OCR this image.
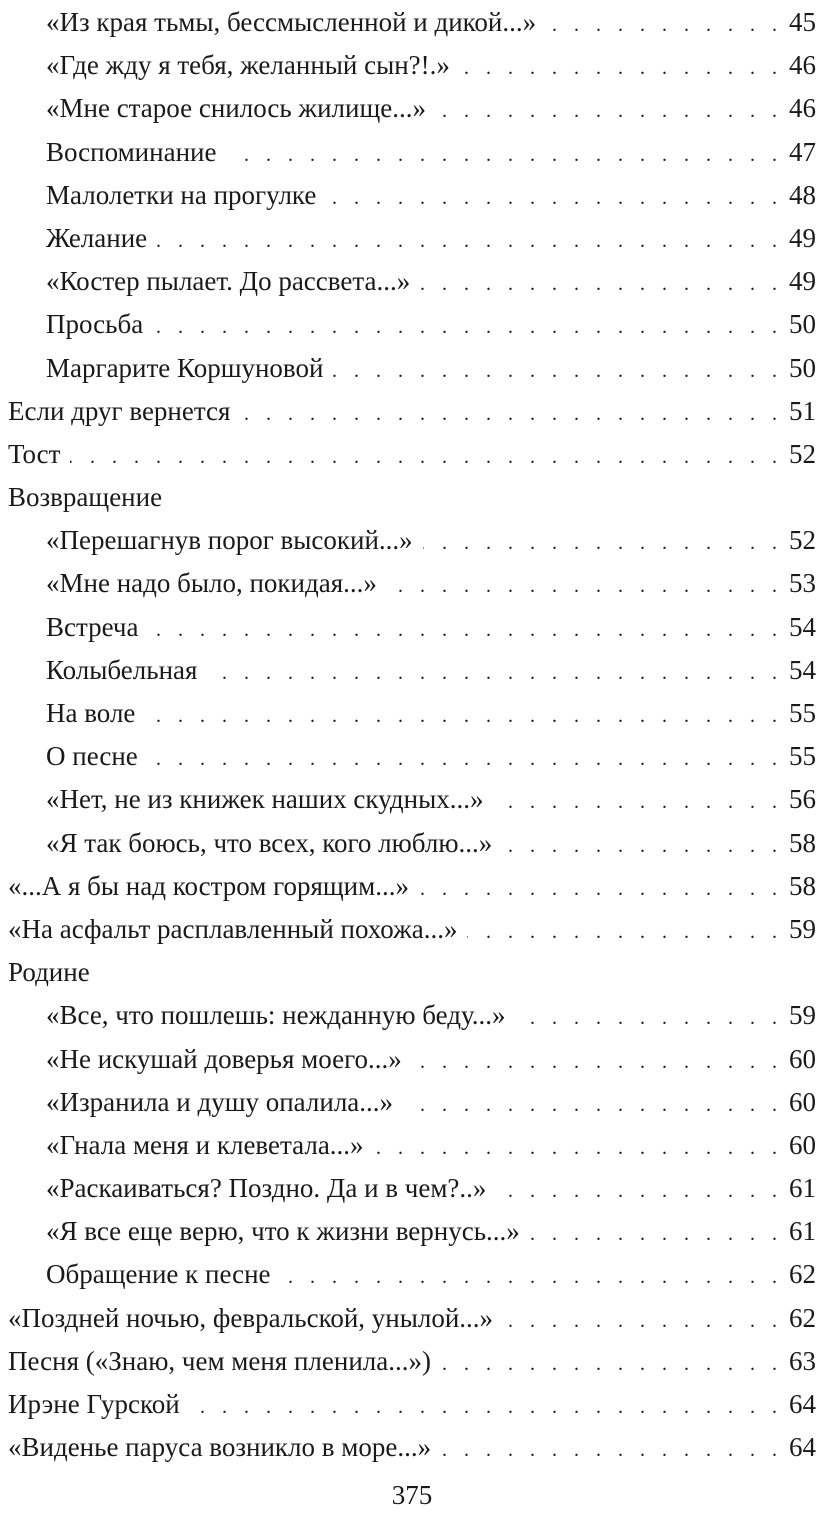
«Из края тьмы, бессмысленной и дикой...» . . .	45
«Где жду я тебя, желанный сын?!.» . . .	46
«Мне старое снилось жилище...» . . .	46
Воспоминание . . .	47
Малолетки на прогулке . . .	48
Желание . . .	49
«Костер пылает. До рассвета...» . . .	49
Просьба . . .	50
Маргарите Коршуновой . . .	50
Если друг вернется . . .	51
Тост . . .	52
Возвращение
«Перешагнув порог высокий...» . . .	52
«Мне надо было, покидая...» . . .	53
Встреча . . .	54
Колыбельная . . .	54
На воле . . .	55
О песне . . .	55
«Нет, не из книжек наших скудных...» . . .	56
«Я так боюсь, что всех, кого люблю...» . . .	58
«...А я бы над костром горящим...» . . .	58
«На асфальт расплавленный похожа...» . . .	59
Родине
«Все, что пошлешь: нежданную беду...» . . .	59
«Не искушай доверья моего...» . . .	60
«Изранила и душу опалила...» . . .	60
«Гнала меня и клеветала...» . . .	60
«Раскаиваться? Поздно. Да и в чем?..» . . .	61
«Я все еще верю, что к жизни вернусь...» . . .	61
Обращение к песне . . .	62
«Поздней ночью, февральской, унылой...» . . .	62
Песня («Знаю, чем меня пленила...») . . .	63
Ирэне Гурской . . .	64
«Виденье паруса возникло в море...» . . .	64
375
